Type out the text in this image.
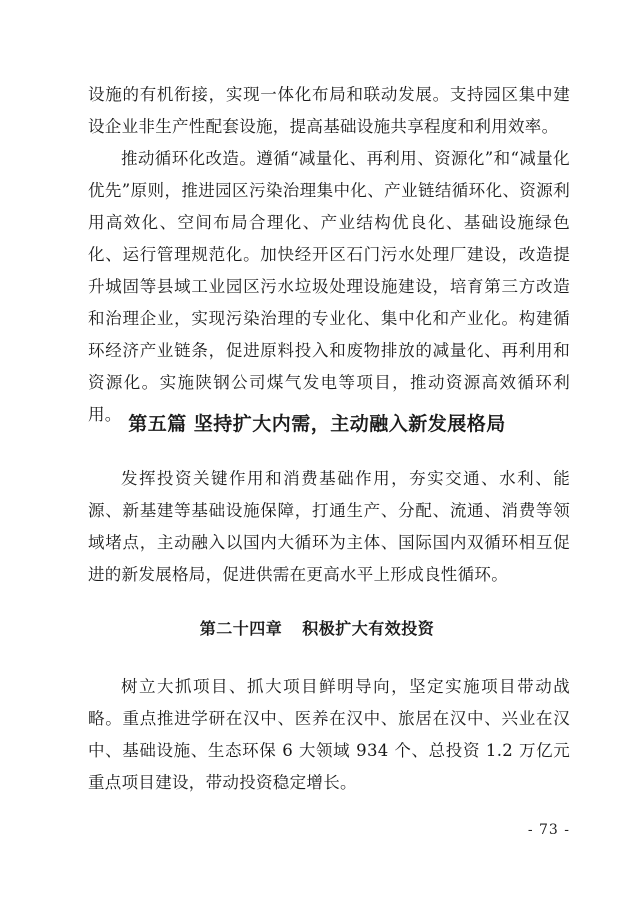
设施的有机衔接，实现一体化布局和联动发展。支持园区集中建设企业非生产性配套设施，提高基础设施共享程度和利用效率。

推动循环化改造。遵循“减量化、再利用、资源化”和“减量化优先”原则，推进园区污染治理集中化、产业链结循环化、资源利用高效化、空间布局合理化、产业结构优良化、基础设施绿色化、运行管理规范化。加快经开区石门污水处理厂建设，改造提升城固等县域工业园区污水垃圾处理设施建设，培育第三方改造和治理企业，实现污染治理的专业化、集中化和产业化。构建循环经济产业链条，促进原料投入和废物排放的减量化、再利用和资源化。实施陕钢公司煤气发电等项目，推动资源高效循环利用。 第五篇 坚持扩大内需，主动融入新发展格局

发挥投资关键作用和消费基础作用，夯实交通、水利、能源、新基建等基础设施保障，打通生产、分配、流通、消费等领域堵点，主动融入以国内大循环为主体、国际国内双循环相互促进的新发展格局，促进供需在更高水平上形成良性循环。

第二十四章 积极扩大有效投资

树立大抓项目、抓大项目鲜明导向，坚定实施项目带动战略。重点推进学研在汉中、医养在汉中、旅居在汉中、兴业在汉中、基础设施、生态环保 6 大领域 934 个、总投资 1.2 万亿元重点项目建设，带动投资稳定增长。

- 73 -
